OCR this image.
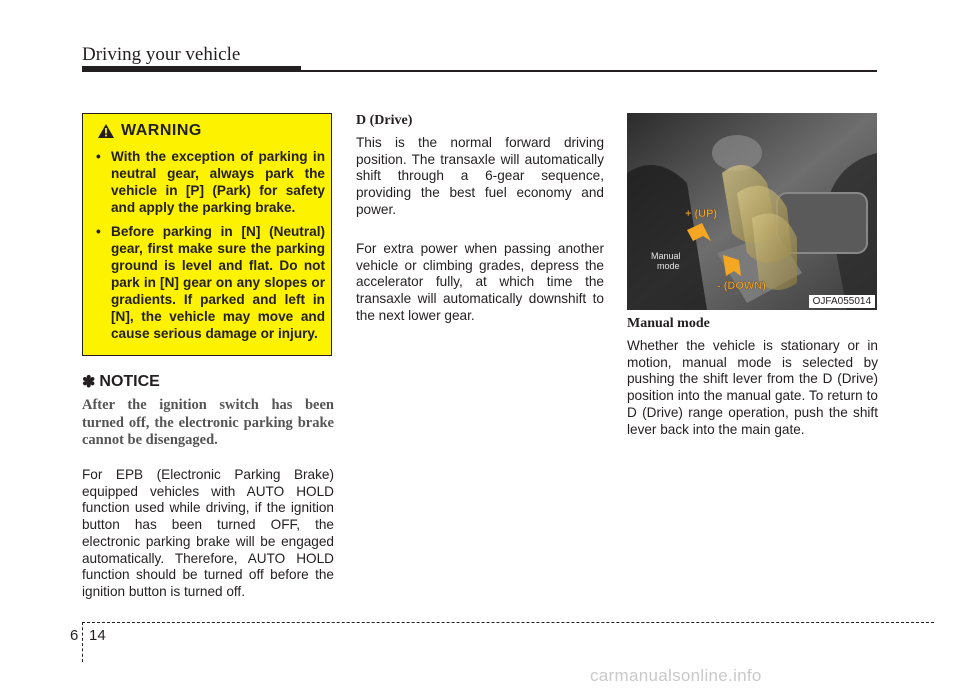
Driving your vehicle
WARNING
• With the exception of parking in neutral gear, always park the vehicle in [P] (Park) for safety and apply the parking brake.
• Before parking in [N] (Neutral) gear, first make sure the parking ground is level and flat. Do not park in [N] gear on any slopes or gradients. If parked and left in [N], the vehicle may move and cause serious damage or injury.
✽ NOTICE
After the ignition switch has been turned off, the electronic parking brake cannot be disengaged.
For EPB (Electronic Parking Brake) equipped vehicles with AUTO HOLD function used while driving, if the ignition button has been turned OFF, the electronic parking brake will be engaged automatically. Therefore, AUTO HOLD function should be turned off before the ignition button is turned off.
D (Drive)
This is the normal forward driving position. The transaxle will automatically shift through a 6-gear sequence, providing the best fuel economy and power.
For extra power when passing another vehicle or climbing grades, depress the accelerator fully, at which time the transaxle will automatically downshift to the next lower gear.
+ (UP)
- (DOWN)
Manual
mode
OJFA055014
Manual mode
Whether the vehicle is stationary or in motion, manual mode is selected by pushing the shift lever from the D (Drive) position into the manual gate. To return to D (Drive) range operation, push the shift lever back into the main gate.
6 14
carmanualsonline.info
